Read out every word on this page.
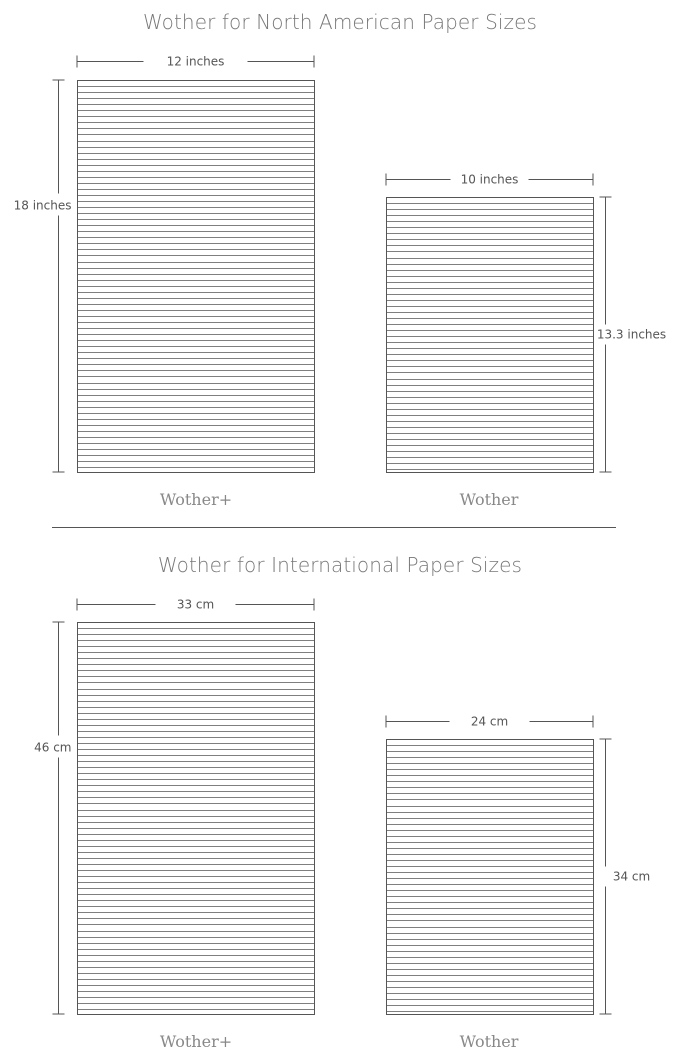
Wother for North American Paper Sizes
12 inches
18 inches
10 inches
13.3 inches
Wother+	Wother
Wother for International Paper Sizes
33 cm
46 cm
24 cm
34 cm
Wother+	Wother
